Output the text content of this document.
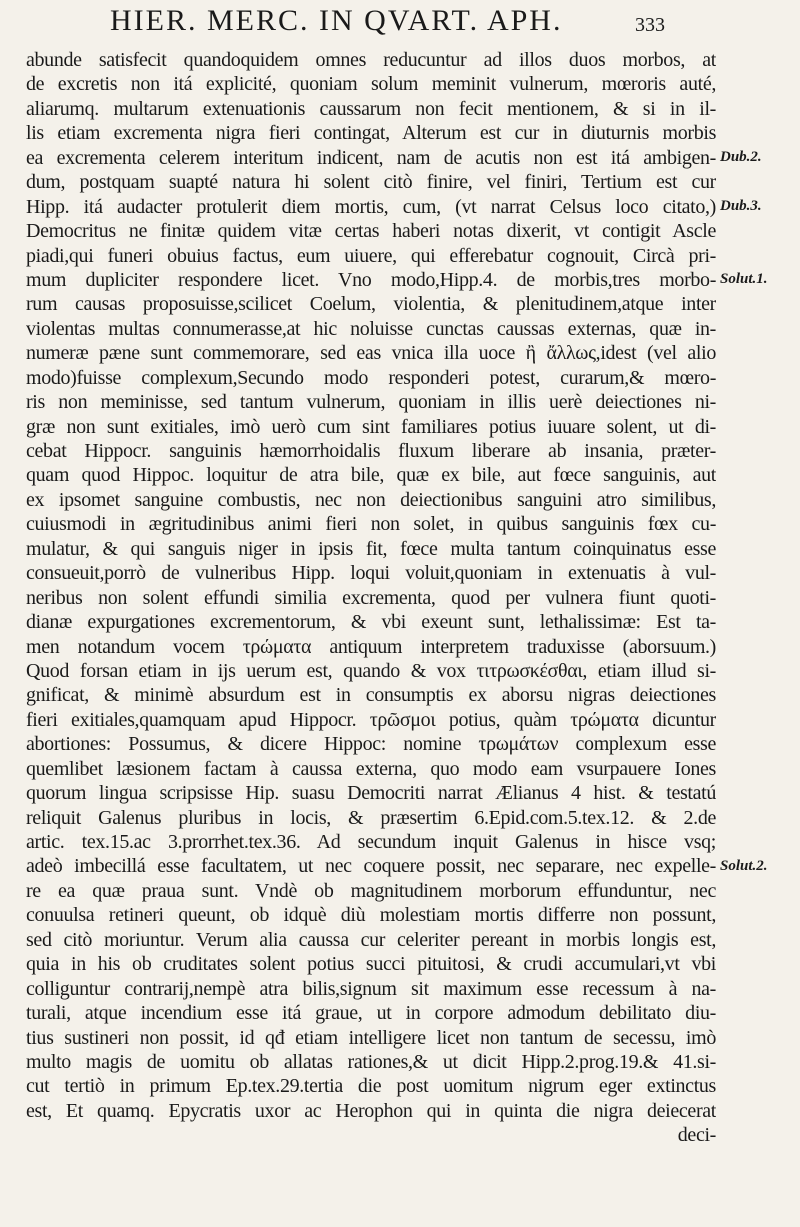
HIER. MERC. IN QVART. APH.	333
abunde satisfecit quandoquidem omnes reducuntur ad illos duos morbos, at
de excretis non itá explicité, quoniam solum meminit vulnerum, mœroris auté,
aliarumq. multarum extenuationis caussarum non fecit mentionem, & si in il-
lis etiam excrementa nigra fieri contingat, Alterum est cur in diuturnis morbis
ea excrementa celerem interitum indicent, nam de acutis non est itá ambigen-
dum, postquam suapté natura hi solent citò finire, vel finiri, Tertium est cur
Hipp. itá audacter protulerit diem mortis, cum, (vt narrat Celsus loco citato,)
Democritus ne finitæ quidem vitæ certas haberi notas dixerit, vt contigit Ascle
piadi,qui funeri obuius factus, eum uiuere, qui efferebatur cognouit, Circà pri-
mum dupliciter respondere licet. Vno modo,Hipp.4. de morbis,tres morbo-
rum causas proposuisse,scilicet Coelum, violentia, & plenitudinem,atque inter
violentas multas connumerasse,at hic noluisse cunctas caussas externas, quæ in-
numeræ pæne sunt commemorare, sed eas vnica illa uoce ἢ ἄλλως,idest (vel alio
modo)fuisse complexum,Secundo modo responderi potest, curarum,& mœro-
ris non meminisse, sed tantum vulnerum, quoniam in illis uerè deiectiones ni-
græ non sunt exitiales, imò uerò cum sint familiares potius iuuare solent, ut di-
cebat Hippocr. sanguinis hæmorrhoidalis fluxum liberare ab insania, præter-
quam quod Hippoc. loquitur de atra bile, quæ ex bile, aut fœce sanguinis, aut
ex ipsomet sanguine combustis, nec non deiectionibus sanguini atro similibus,
cuiusmodi in ægritudinibus animi fieri non solet, in quibus sanguinis fœx cu-
mulatur, & qui sanguis niger in ipsis fit, fœce multa tantum coinquinatus esse
consueuit,porrò de vulneribus Hipp. loqui voluit,quoniam in extenuatis à vul-
neribus non solent effundi similia excrementa, quod per vulnera fiunt quoti-
dianæ expurgationes excrementorum, & vbi exeunt sunt, lethalissimæ: Est ta-
men notandum vocem τρώματα antiquum interpretem traduxisse (aborsuum.)
Quod forsan etiam in ijs uerum est, quando & vox τιτρωσκέσθαι, etiam illud si-
gnificat, & minimè absurdum est in consumptis ex aborsu nigras deiectiones
fieri exitiales,quamquam apud Hippocr. τρῶσμοι potius, quàm τρώματα dicuntur
abortiones: Possumus, & dicere Hippoc: nomine τρωμάτων complexum esse
quemlibet læsionem factam à caussa externa, quo modo eam vsurpauere Iones
quorum lingua scripsisse Hip. suasu Democriti narrat Ælianus 4 hist. & testatú
reliquit Galenus pluribus in locis, & præsertim 6.Epid.com.5.tex.12. & 2.de
artic. tex.15.ac 3.prorrhet.tex.36. Ad secundum inquit Galenus in hisce vsq;
adeò imbecillá esse facultatem, ut nec coquere possit, nec separare, nec expelle-
re ea quæ praua sunt. Vndè ob magnitudinem morborum effunduntur, nec
conuulsa retineri queunt, ob idquè diù molestiam mortis differre non possunt,
sed citò moriuntur. Verum alia caussa cur celeriter pereant in morbis longis est,
quia in his ob cruditates solent potius succi pituitosi, & crudi accumulari,vt vbi
colliguntur contrarij,nempè atra bilis,signum sit maximum esse recessum à na-
turali, atque incendium esse itá graue, ut in corpore admodum debilitato diu-
tius sustineri non possit, id qđ etiam intelligere licet non tantum de secessu, imò
multo magis de uomitu ob allatas rationes,& ut dicit Hipp.2.prog.19.& 41.si-
cut tertiò in primum Ep.tex.29.tertia die post uomitum nigrum eger extinctus
est, Et quamq. Epycratis uxor ac Herophon qui in quinta die nigra deiecerat
deci-
Dub.2.
Dub.3.
Solut.1.
Solut.2.
